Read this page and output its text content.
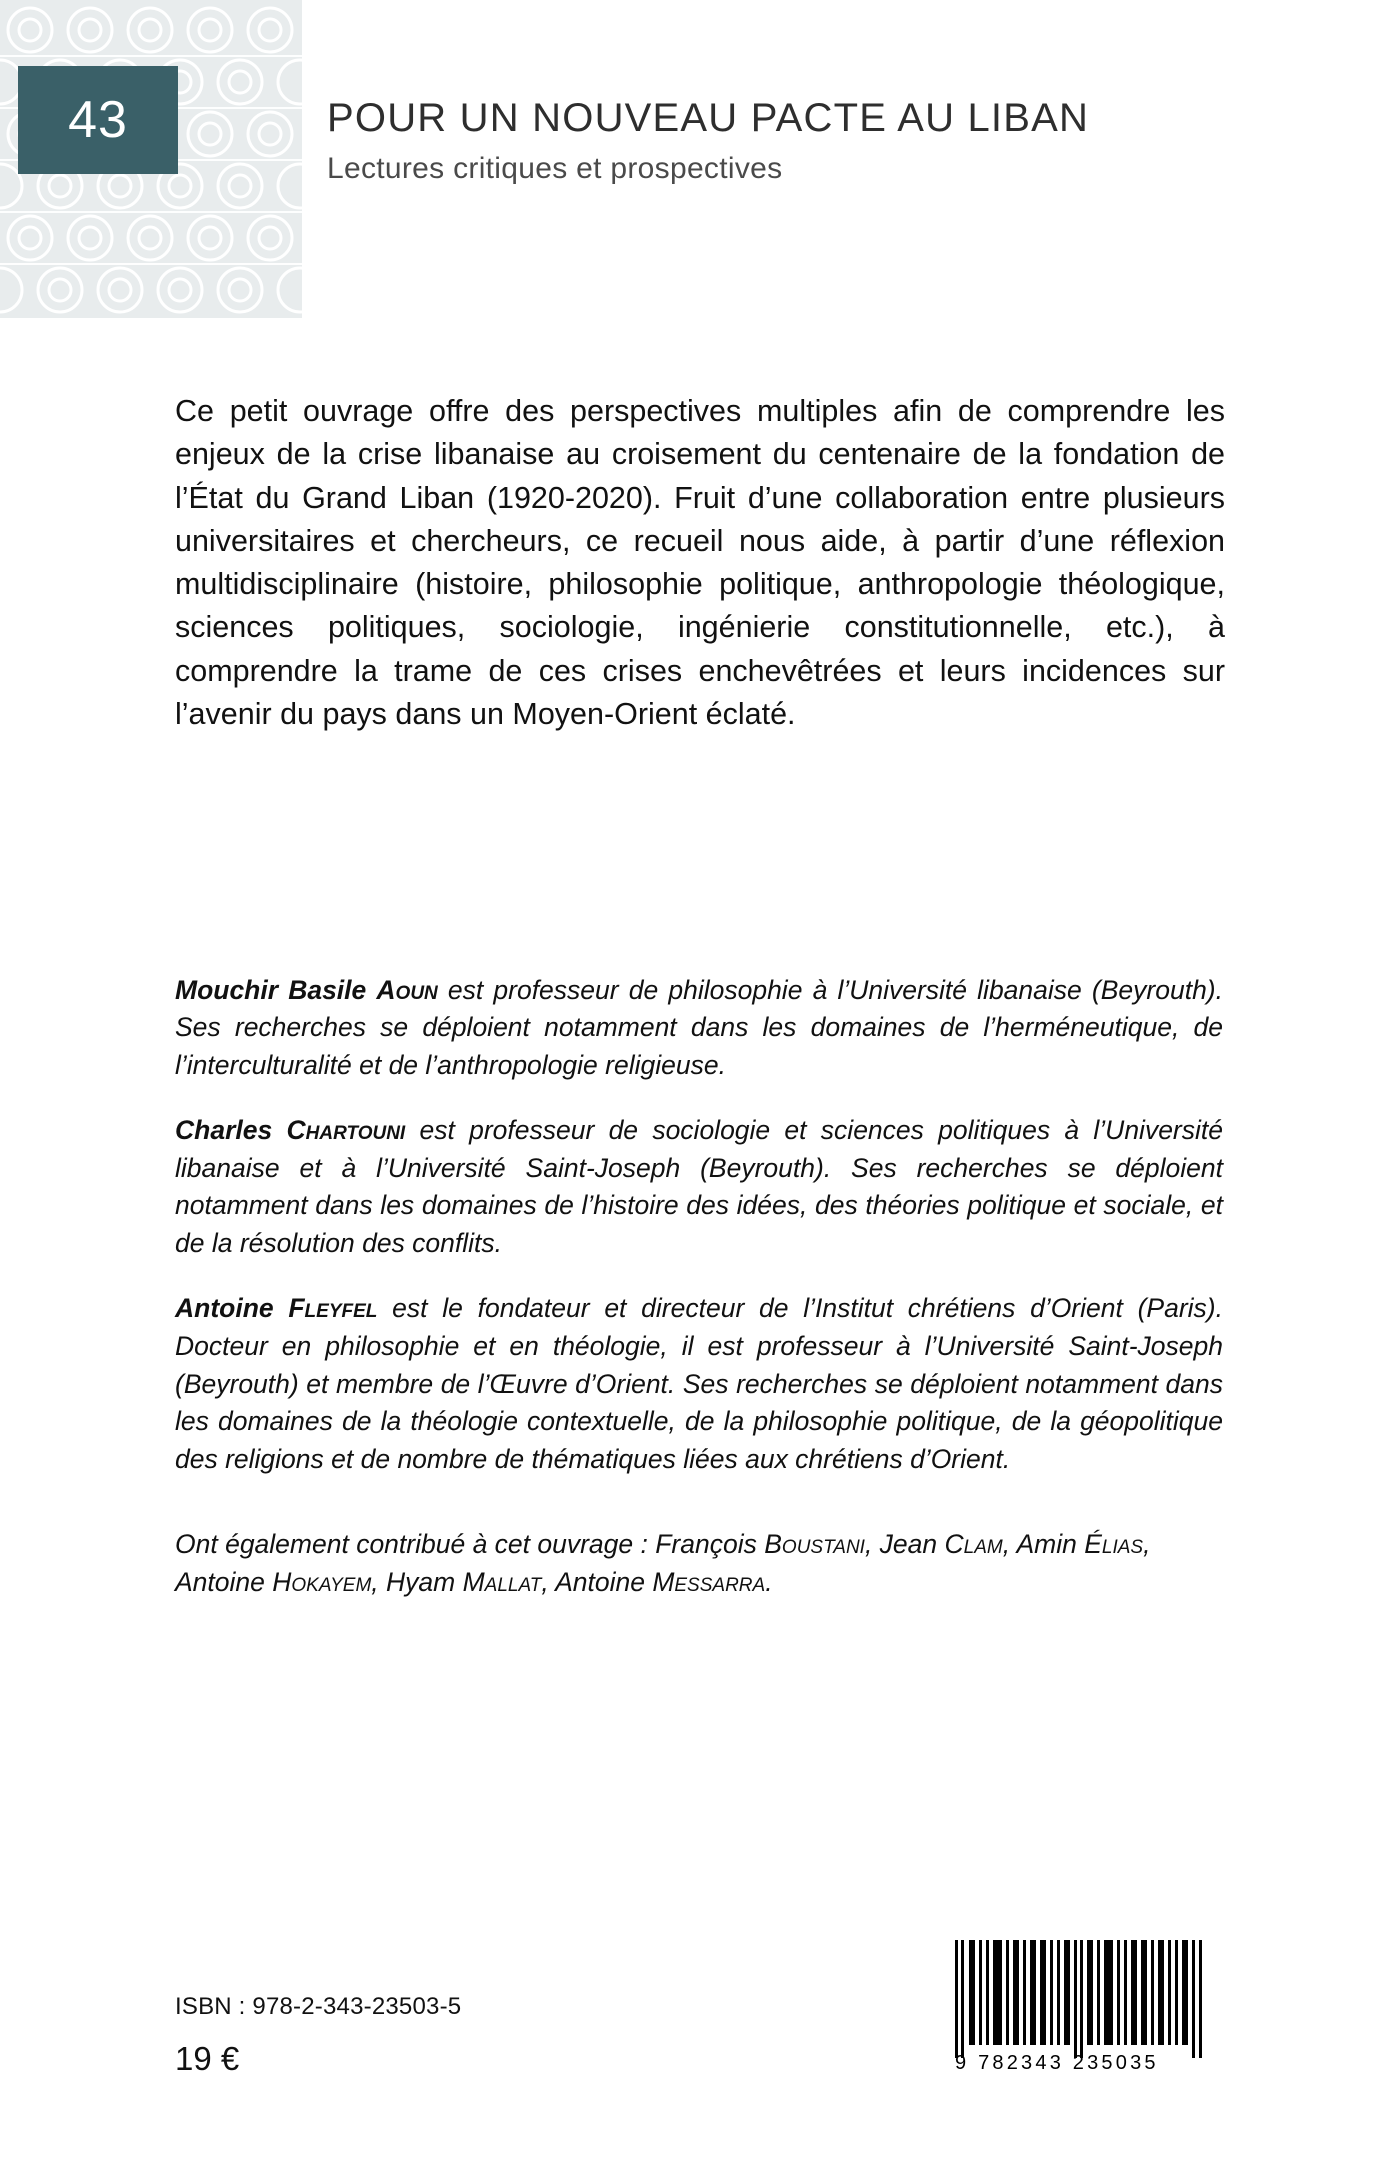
43	POUR UN NOUVEAU PACTE AU LIBAN
Lectures critiques et prospectives
Ce petit ouvrage offre des perspectives multiples afin de comprendre les enjeux de la crise libanaise au croisement du centenaire de la fondation de l’État du Grand Liban (1920-2020). Fruit d’une collaboration entre plusieurs universitaires et chercheurs, ce recueil nous aide, à partir d’une réflexion multidisciplinaire (histoire, philosophie politique, anthropologie théologique, sciences politiques, sociologie, ingénierie constitutionnelle, etc.), à comprendre la trame de ces crises enchevêtrées et leurs incidences sur l’avenir du pays dans un Moyen-Orient éclaté.

Mouchir Basile Aoun est professeur de philosophie à l’Université libanaise (Beyrouth). Ses recherches se déploient notamment dans les domaines de l’herméneutique, de l’interculturalité et de l’anthropologie religieuse.

Charles Chartouni est professeur de sociologie et sciences politiques à l’Université libanaise et à l’Université Saint-Joseph (Beyrouth). Ses recherches se déploient notamment dans les domaines de l’histoire des idées, des théories politique et sociale, et de la résolution des conflits.

Antoine Fleyfel est le fondateur et directeur de l’Institut chrétiens d’Orient (Paris). Docteur en philosophie et en théologie, il est professeur à l’Université Saint-Joseph (Beyrouth) et membre de l’Œuvre d’Orient. Ses recherches se déploient notamment dans les domaines de la théologie contextuelle, de la philosophie politique, de la géopolitique des religions et de nombre de thématiques liées aux chrétiens d’Orient.

Ont également contribué à cet ouvrage : François Boustani, Jean Clam, Amin Élias, Antoine Hokayem, Hyam Mallat, Antoine Messarra.
ISBN : 978-2-343-23503-5
19 €	9 782343 235035
